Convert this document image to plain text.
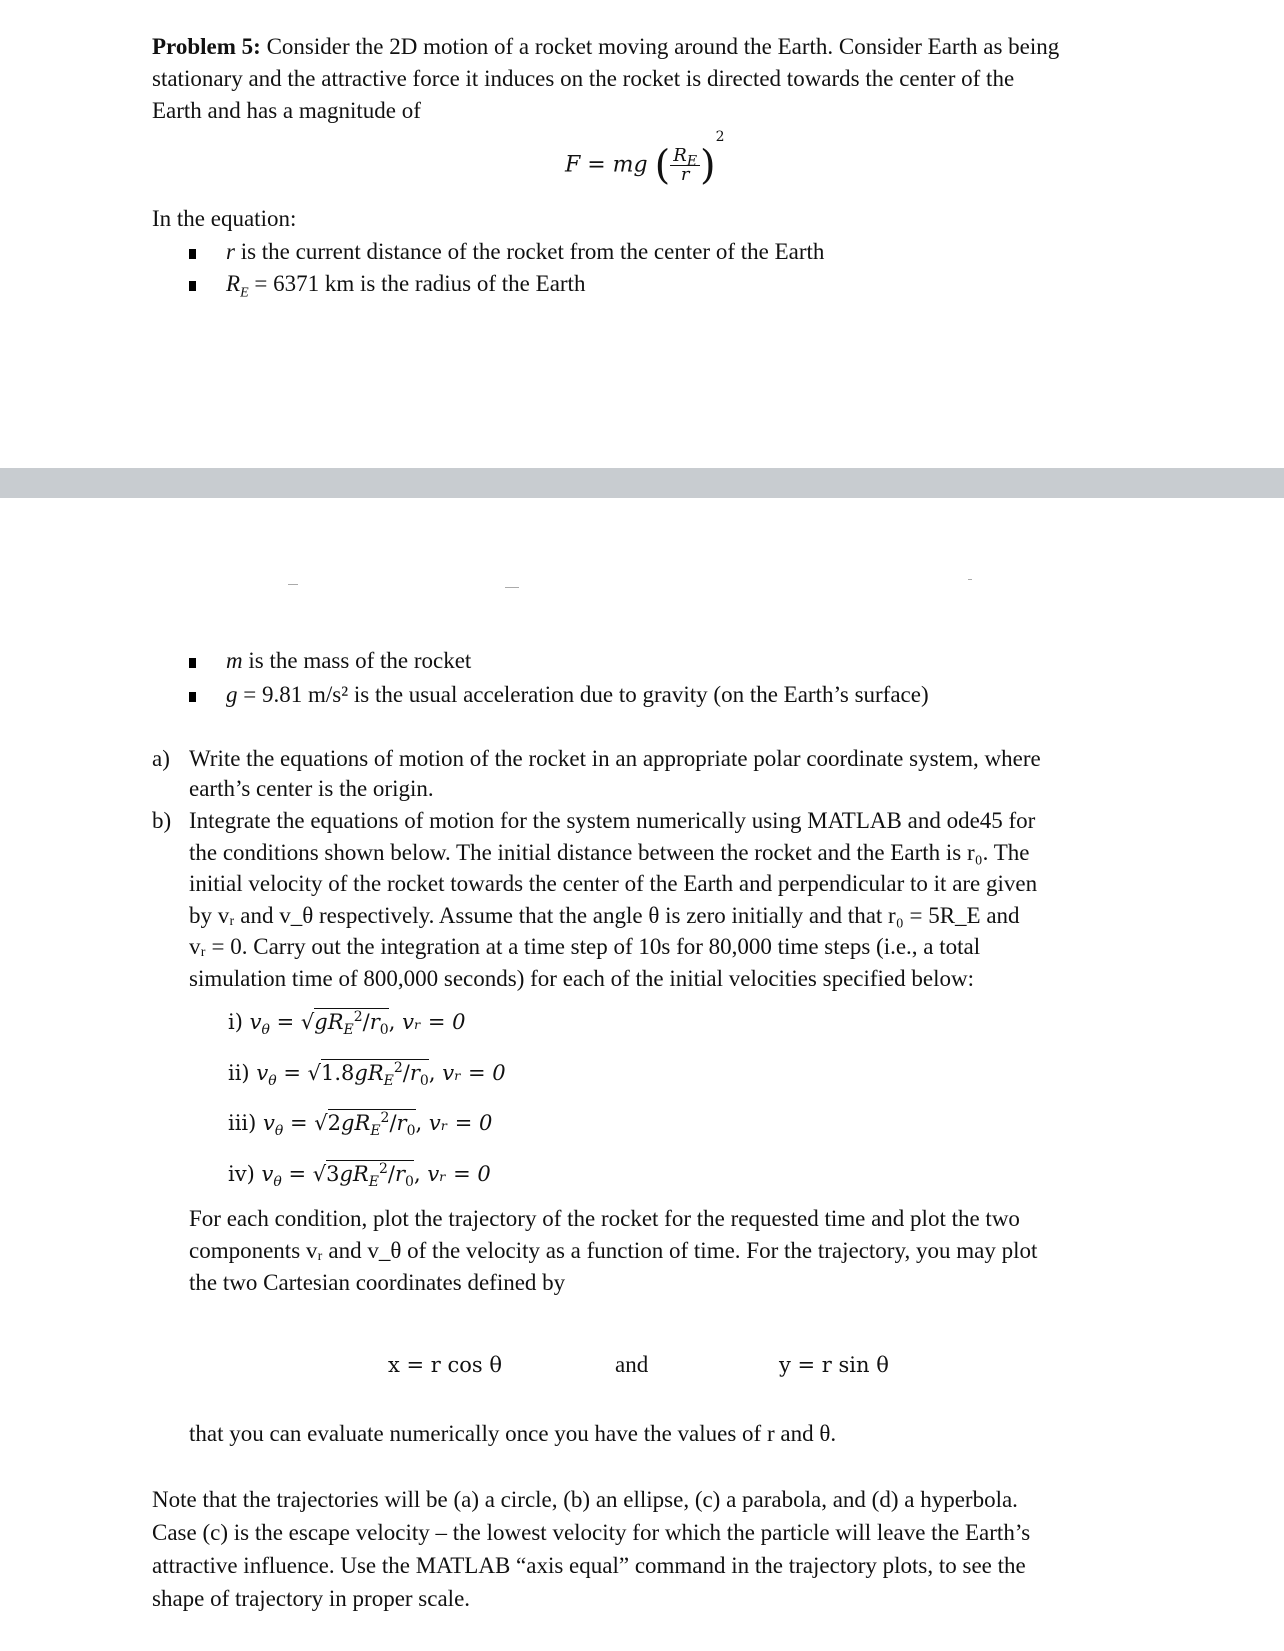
Problem 5: Consider the 2D motion of a rocket moving around the Earth. Consider Earth as being
stationary and the attractive force it induces on the rocket is directed towards the center of the
Earth and has a magnitude of
F = mg ( $\frac{R_E}{r} )^2$
In the equation:
r is the current distance of the rocket from the center of the Earth
$R_E = 6371$ km is the radius of the Earth
m is the mass of the rocket
g = 9.81 m/s² is the usual acceleration due to gravity (on the Earth’s surface)
a) Write the equations of motion of the rocket in an appropriate polar coordinate system, where
earth’s center is the origin.
b) Integrate the equations of motion for the system numerically using MATLAB and ode45 for
the conditions shown below. The initial distance between the rocket and the Earth is r₀. The
initial velocity of the rocket towards the center of the Earth and perpendicular to it are given
by vᵣ and v_θ respectively. Assume that the angle θ is zero initially and that r₀ = 5R_E and
vᵣ = 0. Carry out the integration at a time step of 10s for 80,000 time steps (i.e., a total
simulation time of 800,000 seconds) for each of the initial velocities specified below:
i) $v_\theta = √gR_E^2/r_0$, vᵣ = 0
ii) $v_\theta = √1.8gR_E^2/r_0$, vᵣ = 0
iii) $v_\theta = √2gR_E^2/r_0$, vᵣ = 0
iv) $v_\theta = √3gR_E^2/r_0$, vᵣ = 0
For each condition, plot the trajectory of the rocket for the requested time and plot the two
components vᵣ and v_θ of the velocity as a function of time. For the trajectory, you may plot
the two Cartesian coordinates defined by
x = r cos θ	and	y = r sin θ
that you can evaluate numerically once you have the values of r and θ.
Note that the trajectories will be (a) a circle, (b) an ellipse, (c) a parabola, and (d) a hyperbola.
Case (c) is the escape velocity – the lowest velocity for which the particle will leave the Earth’s
attractive influence. Use the MATLAB “axis equal” command in the trajectory plots, to see the
shape of trajectory in proper scale.
